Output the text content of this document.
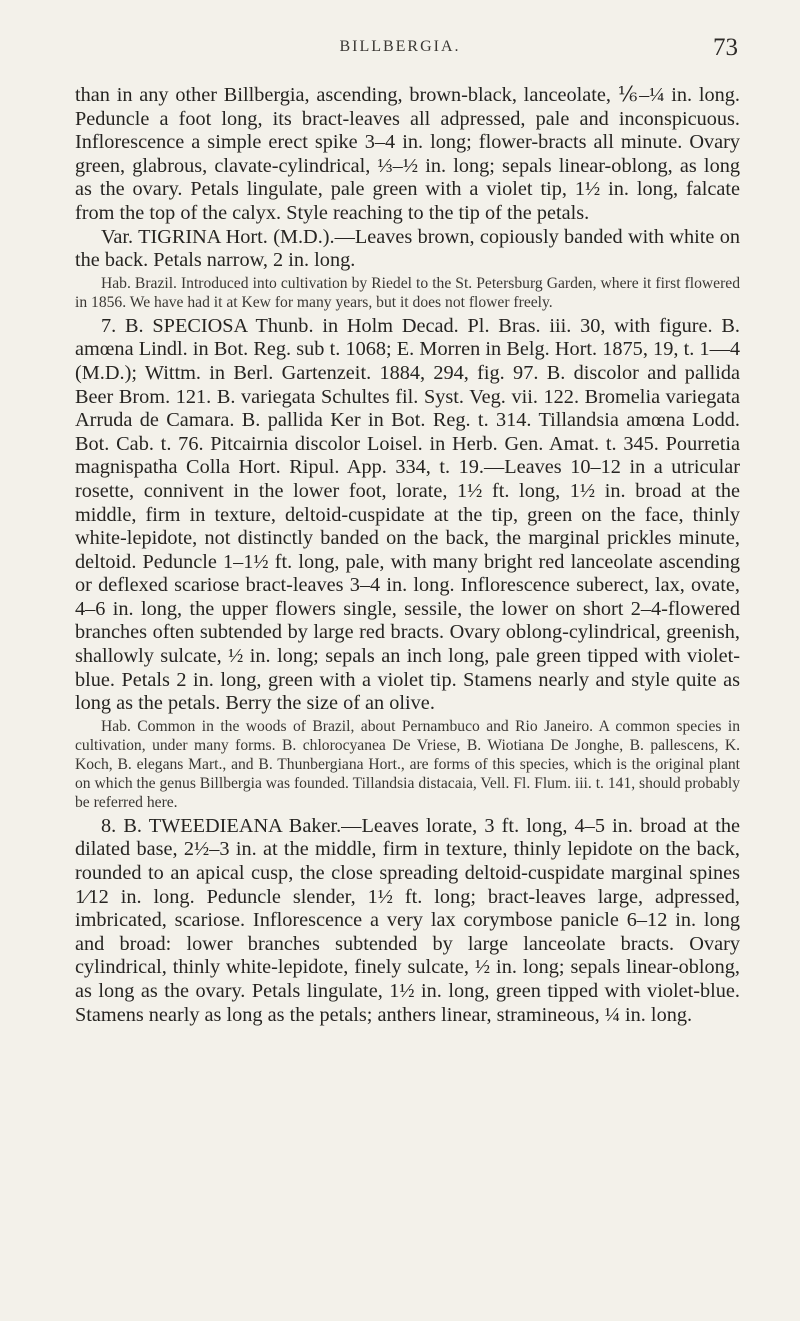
BILLBERGIA.	73

than in any other Billbergia, ascending, brown-black, lanceolate, ⅙–¼ in. long. Peduncle a foot long, its bract-leaves all adpressed, pale and inconspicuous. Inflorescence a simple erect spike 3–4 in. long; flower-bracts all minute. Ovary green, glabrous, clavate-cylindrical, ⅓–½ in. long; sepals linear-oblong, as long as the ovary. Petals lingulate, pale green with a violet tip, 1½ in. long, falcate from the top of the calyx. Style reaching to the tip of the petals.

Var. TIGRINA Hort. (M.D.).—Leaves brown, copiously banded with white on the back. Petals narrow, 2 in. long.

Hab. Brazil. Introduced into cultivation by Riedel to the St. Petersburg Garden, where it first flowered in 1856. We have had it at Kew for many years, but it does not flower freely.

7. B. SPECIOSA Thunb. in Holm Decad. Pl. Bras. iii. 30, with figure. B. amœna Lindl. in Bot. Reg. sub t. 1068; E. Morren in Belg. Hort. 1875, 19, t. 1—4 (M.D.); Wittm. in Berl. Gartenzeit. 1884, 294, fig. 97. B. discolor and pallida Beer Brom. 121. B. variegata Schultes fil. Syst. Veg. vii. 122. Bromelia variegata Arruda de Camara. B. pallida Ker in Bot. Reg. t. 314. Tillandsia amœna Lodd. Bot. Cab. t. 76. Pitcairnia discolor Loisel. in Herb. Gen. Amat. t. 345. Pourretia magnispatha Colla Hort. Ripul. App. 334, t. 19.—Leaves 10–12 in a utricular rosette, connivent in the lower foot, lorate, 1½ ft. long, 1½ in. broad at the middle, firm in texture, deltoid-cuspidate at the tip, green on the face, thinly white-lepidote, not distinctly banded on the back, the marginal prickles minute, deltoid. Peduncle 1–1½ ft. long, pale, with many bright red lanceolate ascending or deflexed scariose bract-leaves 3–4 in. long. Inflorescence suberect, lax, ovate, 4–6 in. long, the upper flowers single, sessile, the lower on short 2–4-flowered branches often subtended by large red bracts. Ovary oblong-cylindrical, greenish, shallowly sulcate, ½ in. long; sepals an inch long, pale green tipped with violet-blue. Petals 2 in. long, green with a violet tip. Stamens nearly and style quite as long as the petals. Berry the size of an olive.

Hab. Common in the woods of Brazil, about Pernambuco and Rio Janeiro. A common species in cultivation, under many forms. B. chlorocyanea De Vriese, B. Wiotiana De Jonghe, B. pallescens, K. Koch, B. elegans Mart., and B. Thunbergiana Hort., are forms of this species, which is the original plant on which the genus Billbergia was founded. Tillandsia distacaia, Vell. Fl. Flum. iii. t. 141, should probably be referred here.

8. B. TWEEDIEANA Baker.—Leaves lorate, 3 ft. long, 4–5 in. broad at the dilated base, 2½–3 in. at the middle, firm in texture, thinly lepidote on the back, rounded to an apical cusp, the close spreading deltoid-cuspidate marginal spines 1⁄12 in. long. Peduncle slender, 1½ ft. long; bract-leaves large, adpressed, imbricated, scariose. Inflorescence a very lax corymbose panicle 6–12 in. long and broad: lower branches subtended by large lanceolate bracts. Ovary cylindrical, thinly white-lepidote, finely sulcate, ½ in. long; sepals linear-oblong, as long as the ovary. Petals lingulate, 1½ in. long, green tipped with violet-blue. Stamens nearly as long as the petals; anthers linear, stramineous, ¼ in. long.
